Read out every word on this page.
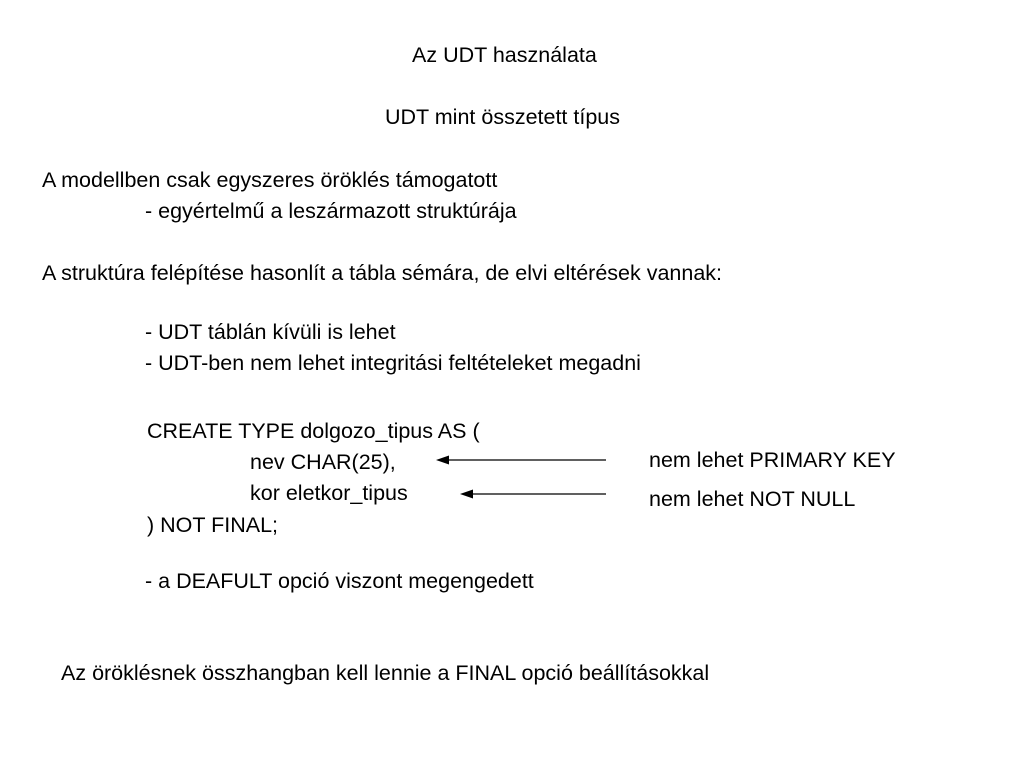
Az UDT használata
UDT mint összetett típus
A modellben csak egyszeres öröklés támogatott
- egyértelmű a leszármazott struktúrája
A struktúra felépítése hasonlít a tábla sémára, de elvi eltérések vannak:
- UDT táblán kívüli is lehet
- UDT-ben nem lehet integritási feltételeket megadni
CREATE TYPE dolgozo_tipus AS (
nev CHAR(25),
kor eletkor_tipus
) NOT FINAL;
nem lehet PRIMARY KEY
nem lehet NOT NULL
- a DEAFULT opció viszont megengedett
Az öröklésnek összhangban kell lennie a FINAL opció beállításokkal
